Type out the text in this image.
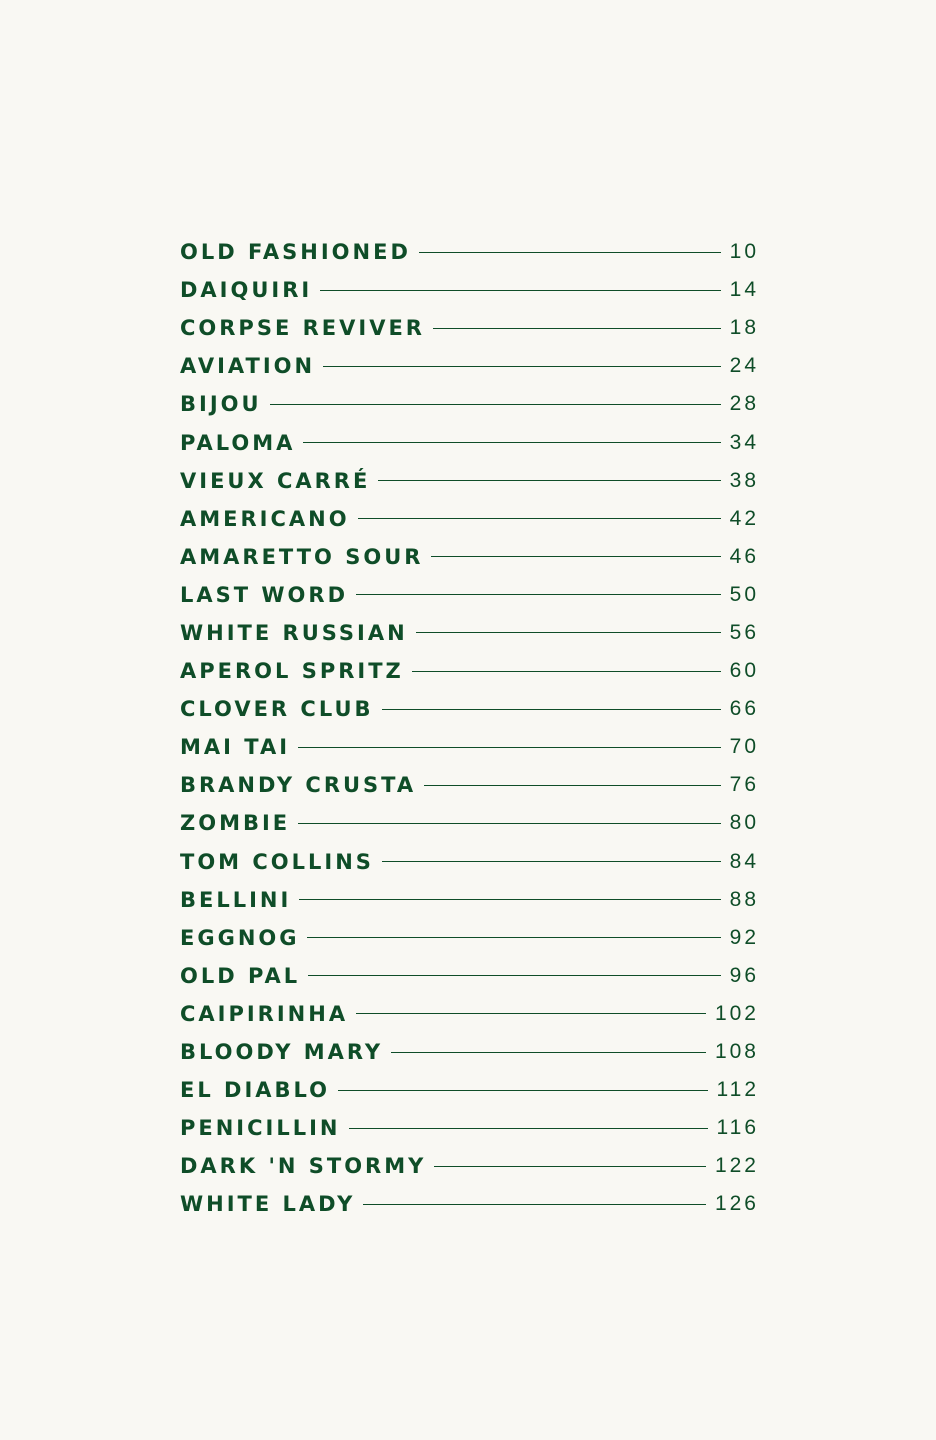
OLD FASHIONED	10
DAIQUIRI	14
CORPSE REVIVER	18
AVIATION	24
BIJOU	28
PALOMA	34
VIEUX CARRÉ	38
AMERICANO	42
AMARETTO SOUR	46
LAST WORD	50
WHITE RUSSIAN	56
APEROL SPRITZ	60
CLOVER CLUB	66
MAI TAI	70
BRANDY CRUSTA	76
ZOMBIE	80
TOM COLLINS	84
BELLINI	88
EGGNOG	92
OLD PAL	96
CAIPIRINHA	102
BLOODY MARY	108
EL DIABLO	112
PENICILLIN	116
DARK 'N STORMY	122
WHITE LADY	126
